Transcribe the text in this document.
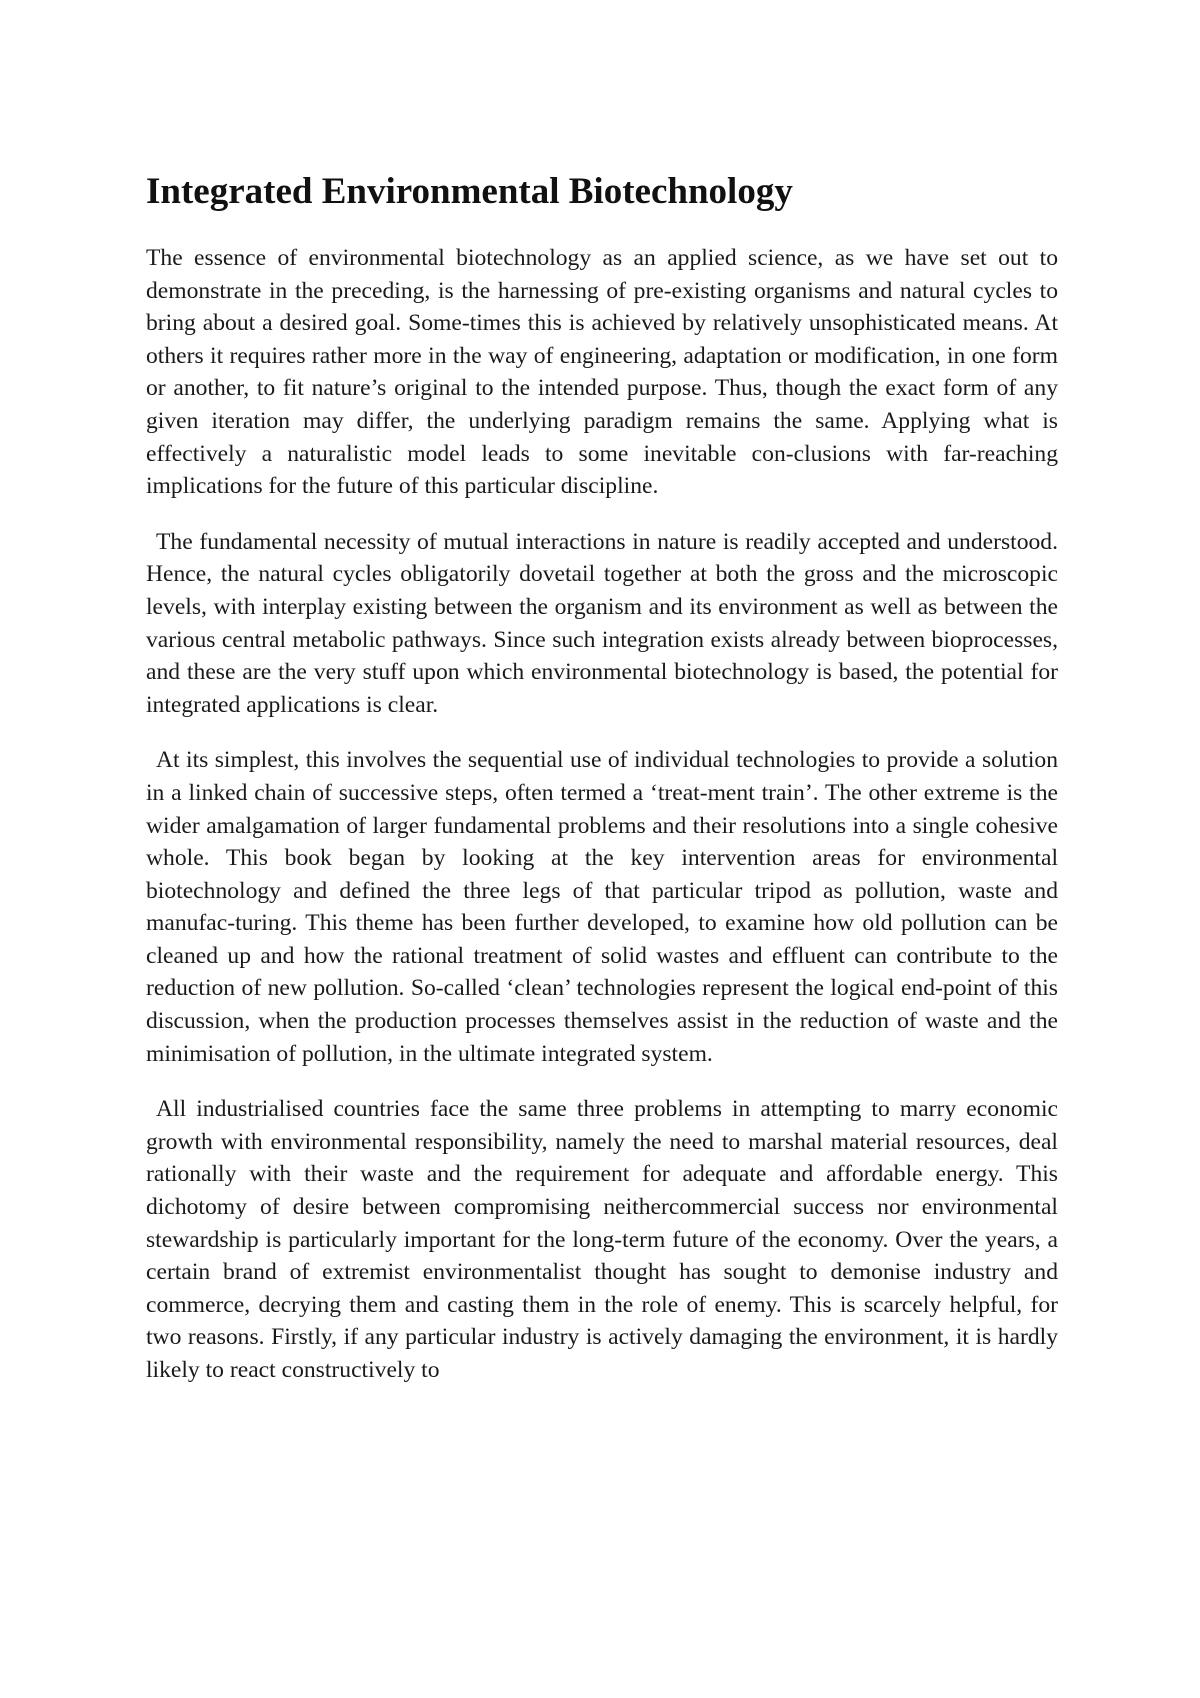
Integrated Environmental Biotechnology

The essence of environmental biotechnology as an applied science, as we have set out to demonstrate in the preceding, is the harnessing of pre-existing organisms and natural cycles to bring about a desired goal. Some-times this is achieved by relatively unsophisticated means. At others it requires rather more in the way of engineering, adaptation or modification, in one form or another, to fit nature’s original to the intended purpose. Thus, though the exact form of any given iteration may differ, the underlying paradigm remains the same. Applying what is effectively a naturalistic model leads to some inevitable con-clusions with far-reaching implications for the future of this particular discipline.

The fundamental necessity of mutual interactions in nature is readily accepted and understood. Hence, the natural cycles obligatorily dovetail together at both the gross and the microscopic levels, with interplay existing between the organism and its environment as well as between the various central metabolic pathways. Since such integration exists already between bioprocesses, and these are the very stuff upon which environmental biotechnology is based, the potential for integrated applications is clear.

At its simplest, this involves the sequential use of individual technologies to provide a solution in a linked chain of successive steps, often termed a ‘treat-ment train’. The other extreme is the wider amalgamation of larger fundamental problems and their resolutions into a single cohesive whole. This book began by looking at the key intervention areas for environmental biotechnology and defined the three legs of that particular tripod as pollution, waste and manufac-turing. This theme has been further developed, to examine how old pollution can be cleaned up and how the rational treatment of solid wastes and effluent can contribute to the reduction of new pollution. So-called ‘clean’ technologies represent the logical end-point of this discussion, when the production processes themselves assist in the reduction of waste and the minimisation of pollution, in the ultimate integrated system.

All industrialised countries face the same three problems in attempting to marry economic growth with environmental responsibility, namely the need to marshal material resources, deal rationally with their waste and the requirement for adequate and affordable energy. This dichotomy of desire between compromising neithercommercial success nor environmental stewardship is particularly important for the long-term future of the economy. Over the years, a certain brand of extremist environmentalist thought has sought to demonise industry and commerce, decrying them and casting them in the role of enemy. This is scarcely helpful, for two reasons. Firstly, if any particular industry is actively damaging the environment, it is hardly likely to react constructively to
